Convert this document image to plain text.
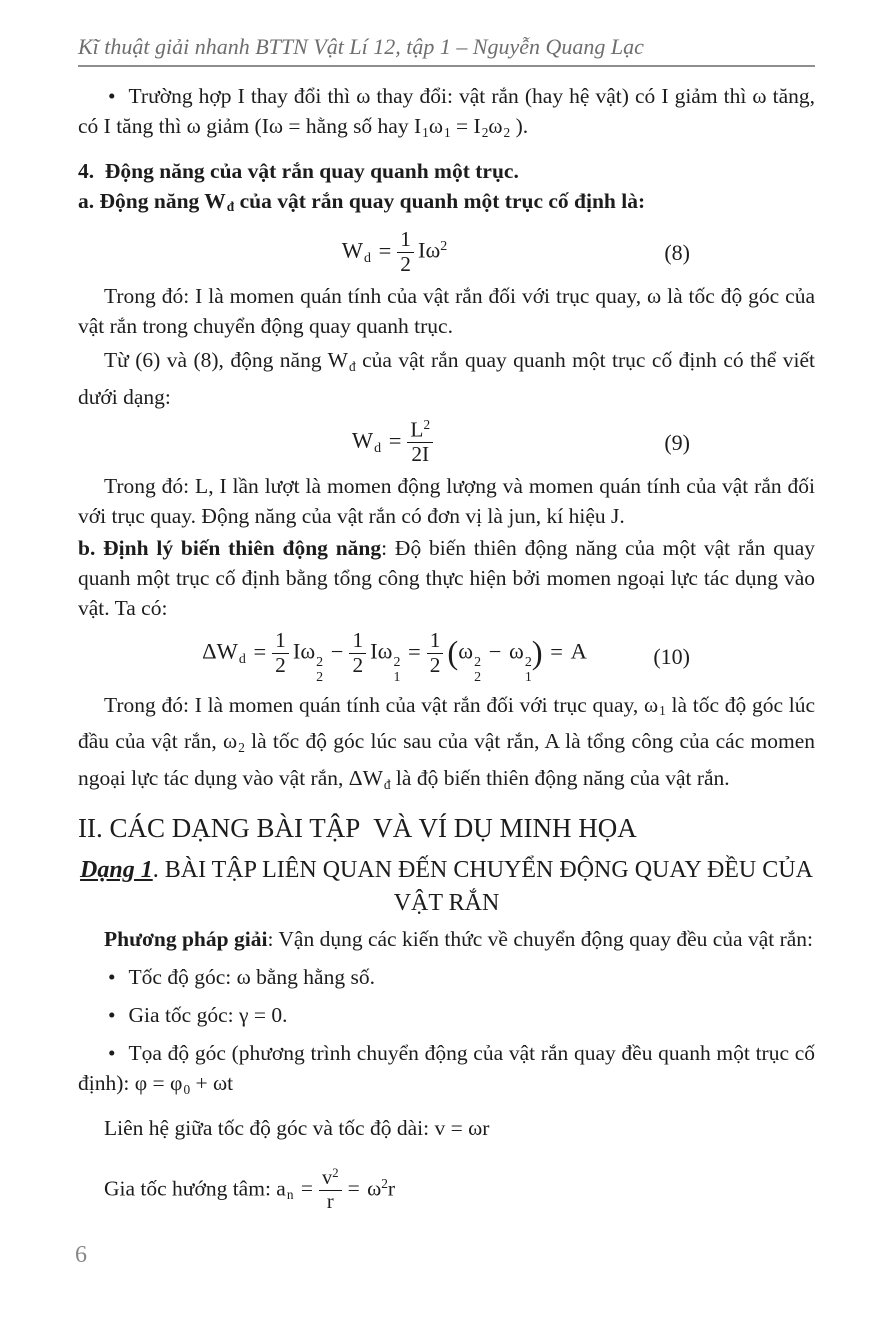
Kĩ thuật giải nhanh BTTN Vật Lí 12, tập 1 – Nguyễn Quang Lạc

• Trường hợp I thay đổi thì ω thay đổi: vật rắn (hay hệ vật) có I giảm thì ω tăng, có I tăng thì ω giảm (Iω = hằng số hay $I_1\omega_1 = I_2\omega_2$ ).

4.  Động năng của vật rắn quay quanh một trục.

a. Động năng $W_đ$ của vật rắn quay quanh một trục cố định là:

$W_d = \frac{1}{2} I\omega^2$	(8)

Trong đó: I là momen quán tính của vật rắn đối với trục quay, ω là tốc độ góc của vật rắn trong chuyển động quay quanh trục.

Từ (6) và (8), động năng $W_đ$ của vật rắn quay quanh một trục cố định có thể viết dưới dạng:

$W_d = \frac{L^2}{2I}$	(9)

Trong đó: L, I lần lượt là momen động lượng và momen quán tính của vật rắn đối với trục quay. Động năng của vật rắn có đơn vị là jun, kí hiệu J.

b. Định lý biến thiên động năng: Độ biến thiên động năng của một vật rắn quay quanh một trục cố định bằng tổng công thực hiện bởi momen ngoại lực tác dụng vào vật. Ta có:

$\Delta W_d = \frac{1}{2}$ Iω 2
2
− $\frac{1}{2}$ Iω 2
1
= $\frac{1}{2} (\omega$ 2
2
− ω 2
1
) = A	(10)

Trong đó: I là momen quán tính của vật rắn đối với trục quay, $\omega_1$ là tốc độ góc lúc đầu của vật rắn, $\omega_2$ là tốc độ góc lúc sau của vật rắn, A là tổng công của các momen ngoại lực tác dụng vào vật rắn, $\Delta W_đ$ là độ biến thiên động năng của vật rắn.

II. CÁC DẠNG BÀI TẬP  VÀ VÍ DỤ MINH HỌA
Dạng 1. BÀI TẬP LIÊN QUAN ĐẾN CHUYỂN ĐỘNG QUAY ĐỀU CỦA VẬT RẮN

Phương pháp giải: Vận dụng các kiến thức về chuyển động quay đều của vật rắn:

• Tốc độ góc: ω bằng hằng số.

• Gia tốc góc: γ = 0.

• Tọa độ góc (phương trình chuyển động của vật rắn quay đều quanh một trục cố định): $\varphi = \varphi_0 + \omega t$

Liên hệ giữa tốc độ góc và tốc độ dài: v = ωr

Gia tốc hướng tâm: $a_n = \frac{v^2}{r} = \omega^2r$
6
